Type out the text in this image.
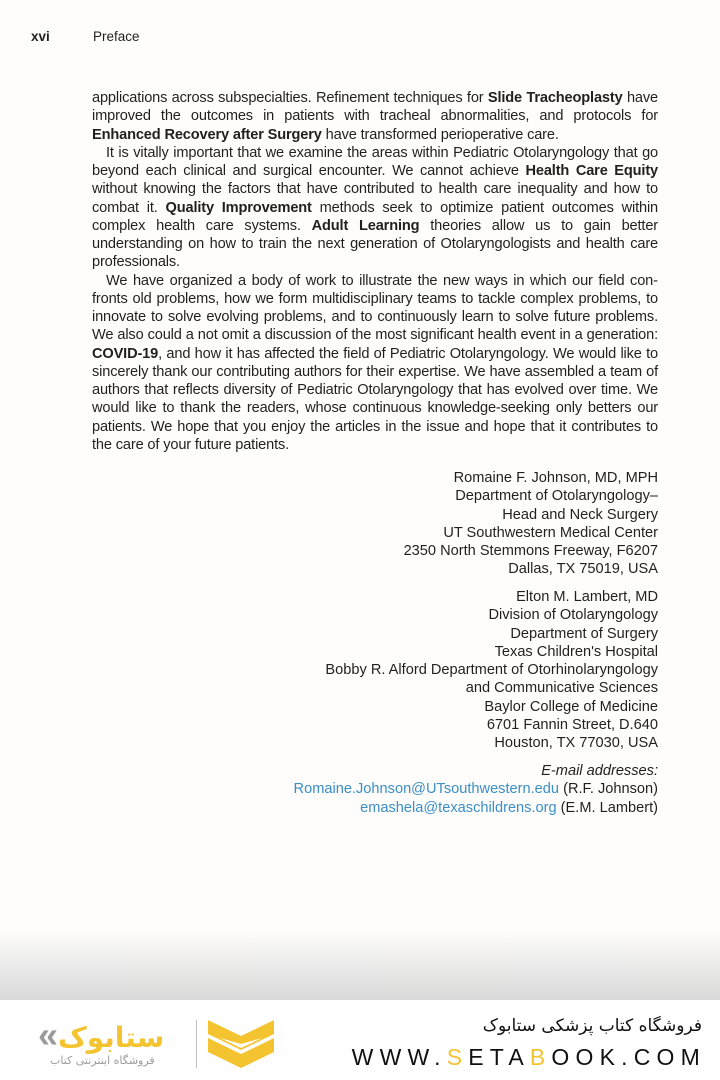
xvi	Preface

applications across subspecialties. Refinement techniques for Slide Tracheoplasty have improved the outcomes in patients with tracheal abnormalities, and protocols for Enhanced Recovery after Surgery have transformed perioperative care.

It is vitally important that we examine the areas within Pediatric Otolaryngology that go beyond each clinical and surgical encounter. We cannot achieve Health Care Equity without knowing the factors that have contributed to health care inequality and how to combat it. Quality Improvement methods seek to optimize patient outcomes within complex health care systems. Adult Learning theories allow us to gain better understanding on how to train the next generation of Otolaryngologists and health care professionals.

We have organized a body of work to illustrate the new ways in which our field confronts old problems, how we form multidisciplinary teams to tackle complex problems, to innovate to solve evolving problems, and to continuously learn to solve future problems. We also could a not omit a discussion of the most significant health event in a generation: COVID-19, and how it has affected the field of Pediatric Otolaryngology. We would like to sincerely thank our contributing authors for their expertise. We have assembled a team of authors that reflects diversity of Pediatric Otolaryngology that has evolved over time. We would like to thank the readers, whose continuous knowledge-seeking only betters our patients. We hope that you enjoy the articles in the issue and hope that it contributes to the care of your future patients.

Romaine F. Johnson, MD, MPH
Department of Otolaryngology–
Head and Neck Surgery
UT Southwestern Medical Center
2350 North Stemmons Freeway, F6207
Dallas, TX 75019, USA
Elton M. Lambert, MD
Division of Otolaryngology
Department of Surgery
Texas Children's Hospital
Bobby R. Alford Department of Otorhinolaryngology
and Communicative Sciences
Baylor College of Medicine
6701 Fannin Street, D.640
Houston, TX 77030, USA
E-mail addresses:
Romaine.Johnson@UTsouthwestern.edu (R.F. Johnson)
emashela@texaschildrens.org (E.M. Lambert)
«ستابوک
فروشگاه اینترنتی کتاب
فروشگاه کتاب پزشکی ستابوک
WWW.SETABOOK.COM
